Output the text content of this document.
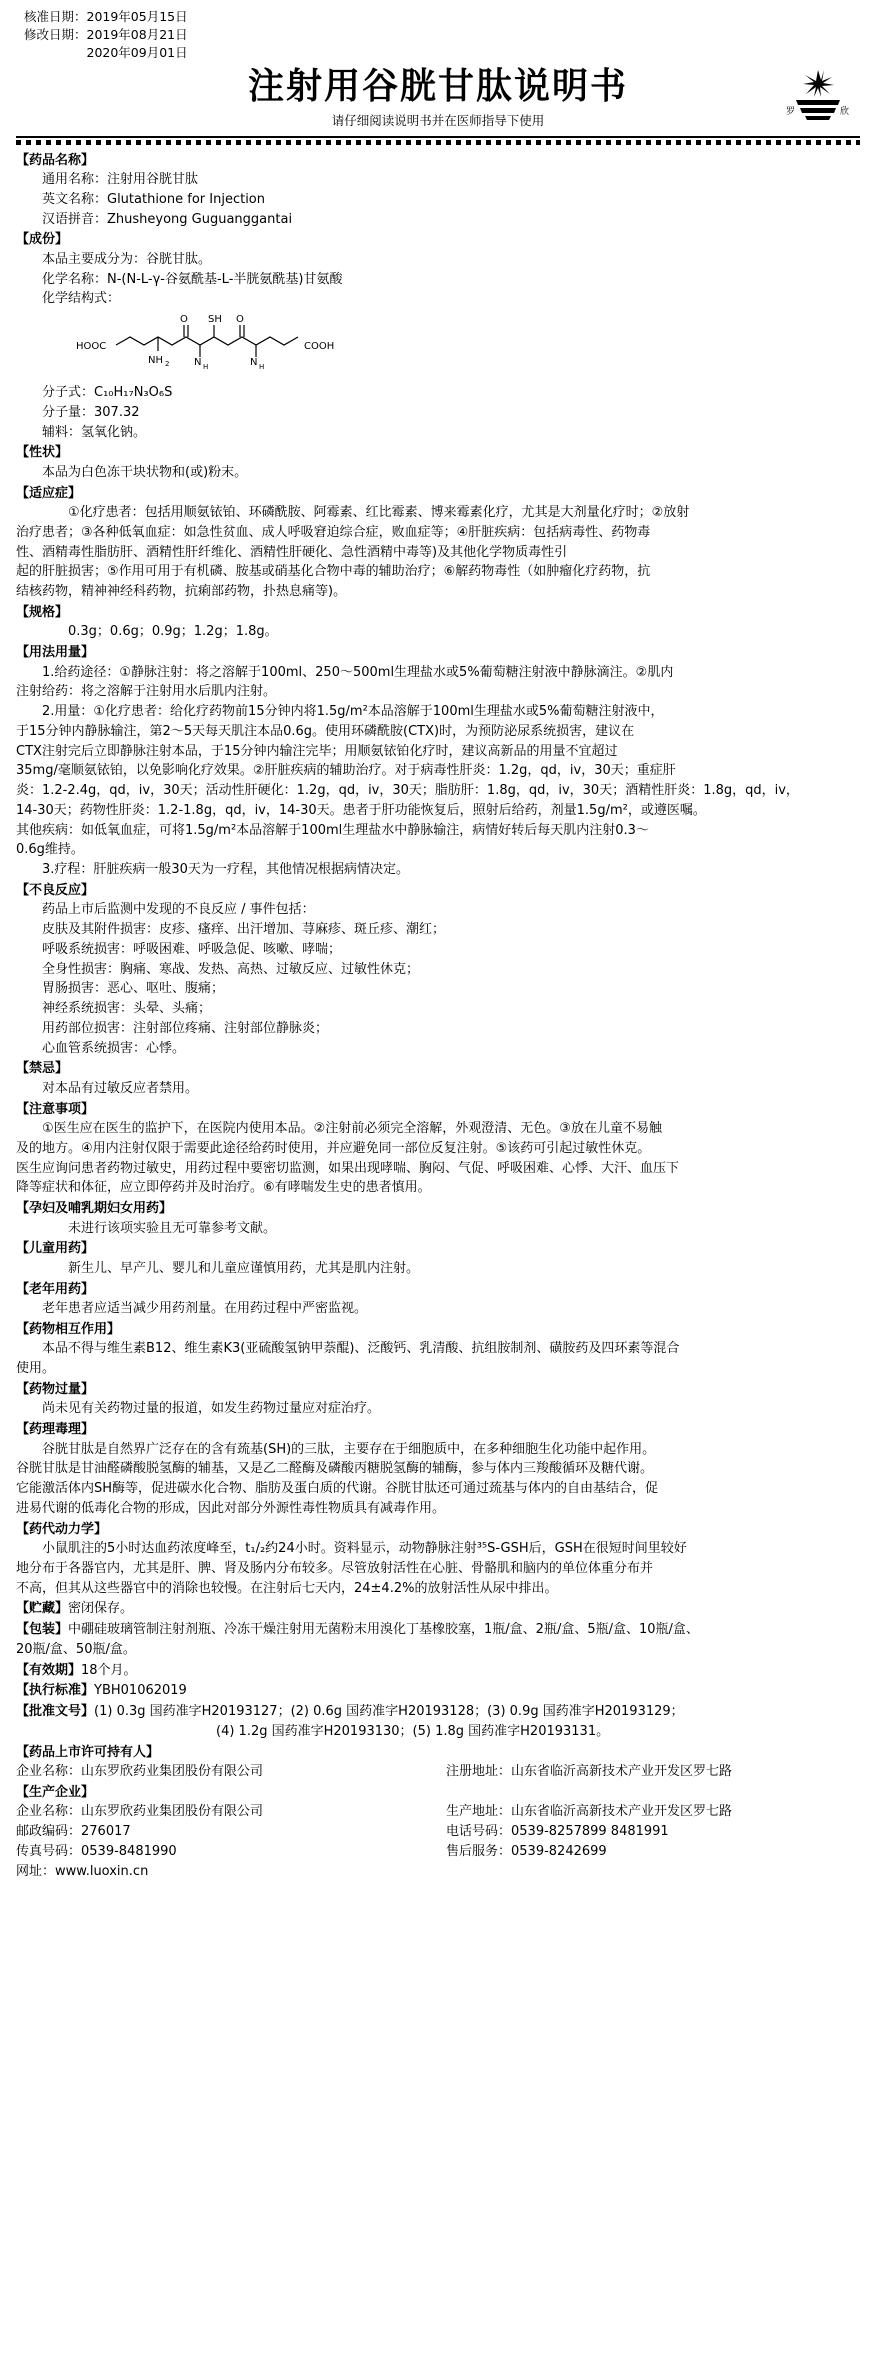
核准日期：2019年05月15日
修改日期：2019年08月21日
　　　　　2020年09月01日
注射用谷胱甘肽说明书
请仔细阅读说明书并在医师指导下使用
罗	欣
【药品名称】
通用名称：注射用谷胱甘肽
英文名称：Glutathione for Injection
汉语拼音：Zhusheyong Guguanggantai
【成份】
本品主要成分为：谷胱甘肽。
化学名称：N-(N-L-γ-谷氨酰基-L-半胱氨酰基)甘氨酸
化学结构式：
HOOC
NH 2
SH
O	O
N H	N H
COOH
分子式：C₁₀H₁₇N₃O₆S
分子量：307.32
辅料：氢氧化钠。
【性状】
本品为白色冻干块状物和(或)粉末。
【适应症】
①化疗患者：包括用顺氨铱铂、环磷酰胺、阿霉素、红比霉素、博来霉素化疗，尤其是大剂量化疗时；②放射
治疗患者；③各种低氧血症：如急性贫血、成人呼吸窘迫综合症，败血症等；④肝脏疾病：包括病毒性、药物毒
性、酒精毒性脂肪肝、酒精性肝纤维化、酒精性肝硬化、急性酒精中毒等)及其他化学物质毒性引
起的肝脏损害；⑤作用可用于有机磷、胺基或硝基化合物中毒的辅助治疗；⑥解药物毒性（如肿瘤化疗药物，抗
结核药物，精神神经科药物，抗痢部药物，扑热息痛等)。
【规格】
0.3g；0.6g；0.9g；1.2g；1.8g。
【用法用量】
1.给药途径：①静脉注射：将之溶解于100ml、250～500ml生理盐水或5%葡萄糖注射液中静脉滴注。②肌内
注射给药：将之溶解于注射用水后肌内注射。
2.用量：①化疗患者：给化疗药物前15分钟内将1.5g/m²本品溶解于100ml生理盐水或5%葡萄糖注射液中，
于15分钟内静脉输注，第2～5天每天肌注本品0.6g。使用环磷酰胺(CTX)时，为预防泌尿系统损害，建议在
CTX注射完后立即静脉注射本品，于15分钟内输注完毕；用顺氨铱铂化疗时，建议高新品的用量不宜超过
35mg/毫顺氨铱铂，以免影响化疗效果。②肝脏疾病的辅助治疗。对于病毒性肝炎：1.2g，qd，iv，30天；重症肝
炎：1.2-2.4g，qd，iv，30天；活动性肝硬化：1.2g，qd，iv，30天；脂肪肝：1.8g，qd，iv，30天；酒精性肝炎：1.8g，qd，iv，
14-30天；药物性肝炎：1.2-1.8g，qd，iv，14-30天。患者于肝功能恢复后，照射后给药，剂量1.5g/m²，或遵医嘱。
其他疾病：如低氧血症，可将1.5g/m²本品溶解于100ml生理盐水中静脉输注，病情好转后每天肌内注射0.3～
0.6g维持。
3.疗程：肝脏疾病一般30天为一疗程，其他情况根据病情决定。
【不良反应】
药品上市后监测中发现的不良反应 / 事件包括：
皮肤及其附件损害：皮疹、瘙痒、出汗增加、荨麻疹、斑丘疹、潮红；
呼吸系统损害：呼吸困难、呼吸急促、咳嗽、哮喘；
全身性损害：胸痛、寒战、发热、高热、过敏反应、过敏性休克；
胃肠损害：恶心、呕吐、腹痛；
神经系统损害：头晕、头痛；
用药部位损害：注射部位疼痛、注射部位静脉炎；
心血管系统损害：心悸。
【禁忌】
对本品有过敏反应者禁用。
【注意事项】
①医生应在医生的监护下，在医院内使用本品。②注射前必须完全溶解，外观澄清、无色。③放在儿童不易触
及的地方。④用内注射仅限于需要此途径给药时使用，并应避免同一部位反复注射。⑤该药可引起过敏性休克。
医生应询问患者药物过敏史，用药过程中要密切监测，如果出现哮喘、胸闷、气促、呼吸困难、心悸、大汗、血压下
降等症状和体征，应立即停药并及时治疗。⑥有哮喘发生史的患者慎用。
【孕妇及哺乳期妇女用药】
未进行该项实验且无可靠参考文献。
【儿童用药】
新生儿、早产儿、婴儿和儿童应谨慎用药，尤其是肌内注射。
【老年用药】
老年患者应适当减少用药剂量。在用药过程中严密监视。
【药物相互作用】
本品不得与维生素B12、维生素K3(亚硫酸氢钠甲萘醌)、泛酸钙、乳清酸、抗组胺制剂、磺胺药及四环素等混合
使用。
【药物过量】
尚未见有关药物过量的报道，如发生药物过量应对症治疗。
【药理毒理】
谷胱甘肽是自然界广泛存在的含有巯基(SH)的三肽，主要存在于细胞质中，在多种细胞生化功能中起作用。
谷胱甘肽是甘油醛磷酸脱氢酶的辅基，又是乙二醛酶及磷酸丙糖脱氢酶的辅酶，参与体内三羧酸循环及糖代谢。
它能激活体内SH酶等，促进碳水化合物、脂肪及蛋白质的代谢。谷胱甘肽还可通过巯基与体内的自由基结合，促
进易代谢的低毒化合物的形成，因此对部分外源性毒性物质具有减毒作用。
【药代动力学】
小鼠肌注的5小时达血药浓度峰至，t₁/₂约24小时。资料显示，动物静脉注射³⁵S-GSH后，GSH在很短时间里较好
地分布于各器官内，尤其是肝、脾、肾及肠内分布较多。尽管放射活性在心脏、骨骼肌和脑内的单位体重分布并
不高，但其从这些器官中的消除也较慢。在注射后七天内，24±4.2%的放射活性从尿中排出。
【贮藏】密闭保存。
【包装】中硼硅玻璃管制注射剂瓶、冷冻干燥注射用无菌粉末用溴化丁基橡胶塞，1瓶/盒、2瓶/盒、5瓶/盒、10瓶/盒、
20瓶/盒、50瓶/盒。
【有效期】18个月。
【执行标准】YBH01062019
【批准文号】(1) 0.3g 国药准字H20193127；(2) 0.6g 国药准字H20193128；(3) 0.9g 国药准字H20193129；
(4) 1.2g 国药准字H20193130；(5) 1.8g 国药准字H20193131。
【药品上市许可持有人】
企业名称：山东罗欣药业集团股份有限公司	注册地址：山东省临沂高新技术产业开发区罗七路
【生产企业】
企业名称：山东罗欣药业集团股份有限公司	生产地址：山东省临沂高新技术产业开发区罗七路
邮政编码：276017	电话号码：0539-8257899 8481991
传真号码：0539-8481990	售后服务：0539-8242699
网址：www.luoxin.cn
